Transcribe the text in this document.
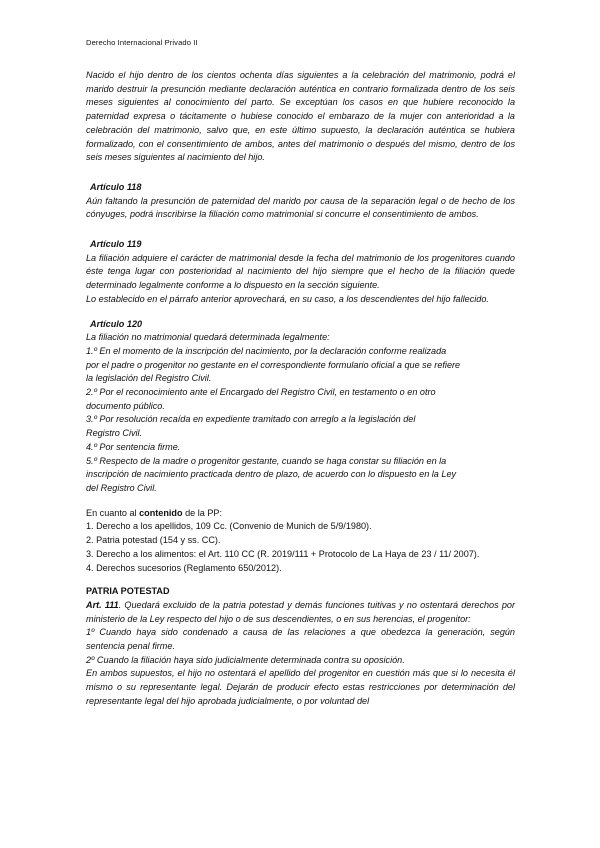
Derecho Internacional Privado II

Nacido el hijo dentro de los cientos ochenta días siguientes a la celebración del matrimonio, podrá el marido destruir la presunción mediante declaración auténtica en contrario formalizada dentro de los seis meses siguientes al conocimiento del parto. Se exceptúan los casos en que hubiere reconocido la paternidad expresa o tácitamente o hubiese conocido el embarazo de la mujer con anterioridad a la celebración del matrimonio, salvo que, en este último supuesto, la declaración auténtica se hubiera formalizado, con el consentimiento de ambos, antes del matrimonio o después del mismo, dentro de los seis meses siguientes al nacimiento del hijo.

Artículo 118

Aún faltando la presunción de paternidad del marido por causa de la separación legal o de hecho de los cónyuges, podrá inscribirse la filiación como matrimonial si concurre el consentimiento de ambos.

Artículo 119

La filiación adquiere el carácter de matrimonial desde la fecha del matrimonio de los progenitores cuando éste tenga lugar con posterioridad al nacimiento del hijo siempre que el hecho de la filiación quede determinado legalmente conforme a lo dispuesto en la sección siguiente.

Lo establecido en el párrafo anterior aprovechará, en su caso, a los descendientes del hijo fallecido.

Artículo 120

La filiación no matrimonial quedará determinada legalmente:
1.º En el momento de la inscripción del nacimiento, por la declaración conforme realizada
por el padre o progenitor no gestante en el correspondiente formulario oficial a que se refiere
la legislación del Registro Civil.
2.º Por el reconocimiento ante el Encargado del Registro Civil, en testamento o en otro
documento público.
3.º Por resolución recaída en expediente tramitado con arreglo a la legislación del
Registro Civil.
4.º Por sentencia firme.
5.º Respecto de la madre o progenitor gestante, cuando se haga constar su filiación en la
inscripción de nacimiento practicada dentro de plazo, de acuerdo con lo dispuesto en la Ley
del Registro Civil.

En cuanto al contenido de la PP:

1. Derecho a los apellidos, 109 Cc. (Convenio de Munich de 5/9/1980).

2. Patria potestad (154 y ss. CC).

3. Derecho a los alimentos: el Art. 110 CC (R. 2019/111 + Protocolo de La Haya de 23 / 11/ 2007).

4. Derechos sucesorios (Reglamento 650/2012).

PATRIA POTESTAD

Art. 111. Quedará excluido de la patria potestad y demás funciones tuitivas y no ostentará derechos por ministerio de la Ley respecto del hijo o de sus descendientes, o en sus herencias, el progenitor:

1º Cuando haya sido condenado a causa de las relaciones a que obedezca la generación, según sentencia penal firme.

2º Cuando la filiación haya sido judicialmente determinada contra su oposición.

En ambos supuestos, el hijo no ostentará el apellido del progenitor en cuestión más que si lo necesita él mismo o su representante legal. Dejarán de producir efecto estas restricciones por determinación del representante legal del hijo aprobada judicialmente, o por voluntad del
